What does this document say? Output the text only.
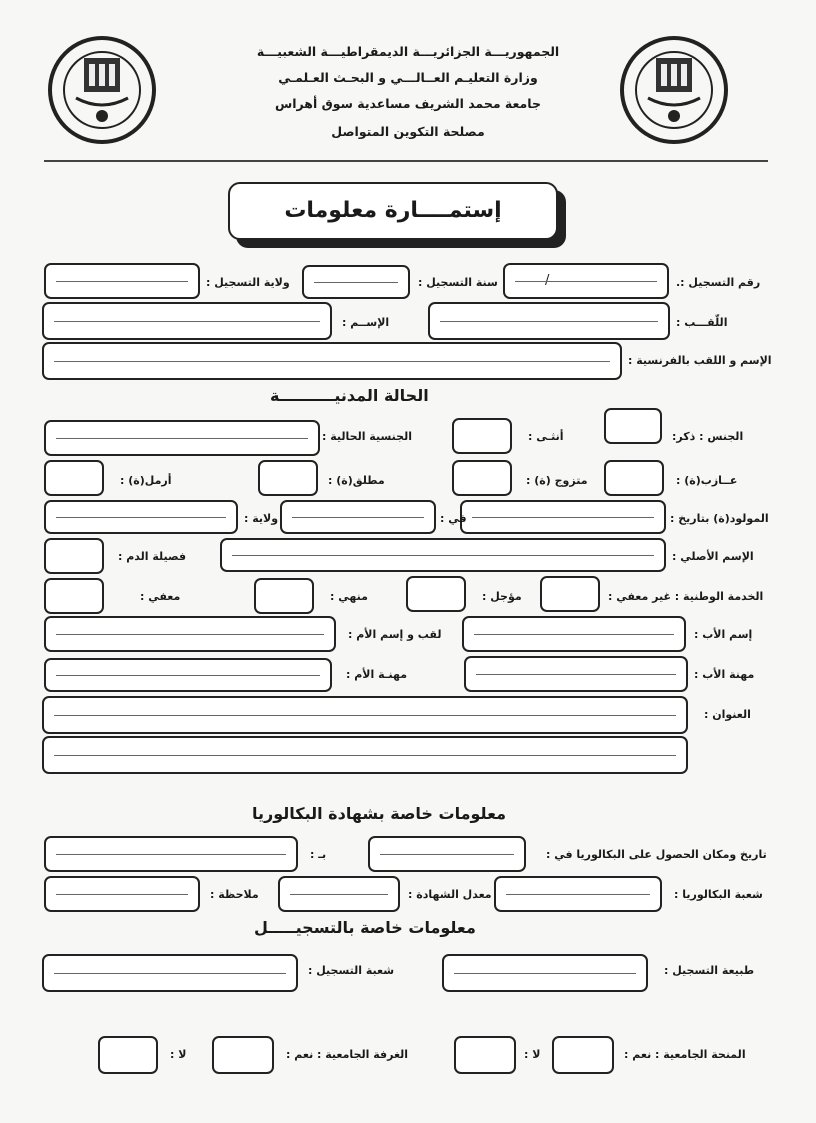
الجمهوريـــة الجزائريـــة الديمقراطيـــة الشعبيـــة
وزارة التعليـم العــالـــي و البحـث العـلمـي
جامعة محمد الشريف مساعدية سوق أهراس
مصلحة التكوين المتواصل
إستمــــارة معلومات
رقم التسجيل :.
/
سنة التسجيل :
ولاية التسجيل :
اللّقـــب :
الإســم :
الإسم و اللقب بالفرنسية :
الحالة المدنيــــــــــة
الجنس : ذكر:
أنثـى :
الجنسية الحالية :
عــازب(ة) :
متزوج (ة) :
مطلق(ة) :
أرمل(ة) :
المولود(ة) بتاريخ :
في :
ولاية :
الإسم الأصلي :
فصيلة الدم :
الخدمة الوطنية : غير معفي :
مؤجل :
منهي :
معفي :
إسم الأب :
لقب و إسم الأم :
مهنة الأب :
مهنـة الأم :
العنوان :
معلومات خاصة بشهادة البكالوريا
تاريخ ومكان الحصول على البكالوريا في :
بـ :
شعبة البكالوريا :
معدل الشهادة :
ملاحظة :
معلومات خاصة بالتسجيـــــل
طبيعة التسجيل :
شعبة التسجيل :
المنحة الجامعية : نعم :
لا :
الغرفة الجامعية : نعم :
لا :
